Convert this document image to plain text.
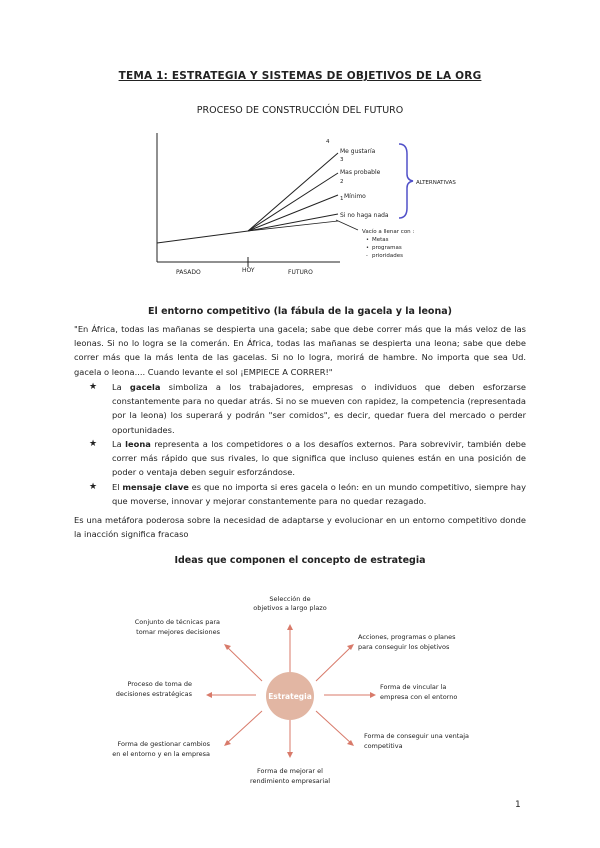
TEMA 1: ESTRATEGIA Y SISTEMAS DE OBJETIVOS DE LA ORG
PROCESO DE CONSTRUCCIÓN DEL FUTURO
4
3
2
1
Me gustaría
Mas probable
Mínimo
Si no haga nada
ALTERNATIVAS
Vacío a llenar con :
• Metas
• programas
- prioridades
PASADO	HOY	FUTURO
El entorno competitivo (la fábula de la gacela y la leona)
"En África, todas las mañanas se despierta una gacela; sabe que debe correr más que la más veloz de las leonas. Si no lo logra se la comerán. En África, todas las mañanas se despierta una leona; sabe que debe correr más que la más lenta de las gacelas. Si no lo logra, morirá de hambre. No importa que sea Ud. gacela o leona.... Cuando levante el sol ¡EMPIECE A CORRER!"
★ La gacela simboliza a los trabajadores, empresas o individuos que deben esforzarse constantemente para no quedar atrás. Si no se mueven con rapidez, la competencia (representada por la leona) los superará y podrán "ser comidos", es decir, quedar fuera del mercado o perder oportunidades.
★ La leona representa a los competidores o a los desafíos externos. Para sobrevivir, también debe correr más rápido que sus rivales, lo que significa que incluso quienes están en una posición de poder o ventaja deben seguir esforzándose.
★ El mensaje clave es que no importa si eres gacela o león: en un mundo competitivo, siempre hay que moverse, innovar y mejorar constantemente para no quedar rezagado.
Es una metáfora poderosa sobre la necesidad de adaptarse y evolucionar en un entorno competitivo donde la inacción significa fracaso
Ideas que componen el concepto de estrategia
Estrategia
Selección de
objetivos a largo plazo
Acciones, programas o planes
para conseguir los objetivos
Forma de vincular la
empresa con el entorno
Forma de conseguir una ventaja
competitiva
Forma de mejorar el
rendimiento empresarial
Forma de gestionar cambios
en el entorno y en la empresa
Proceso de toma de
decisiones estratégicas
Conjunto de técnicas para
tomar mejores decisiones
1
